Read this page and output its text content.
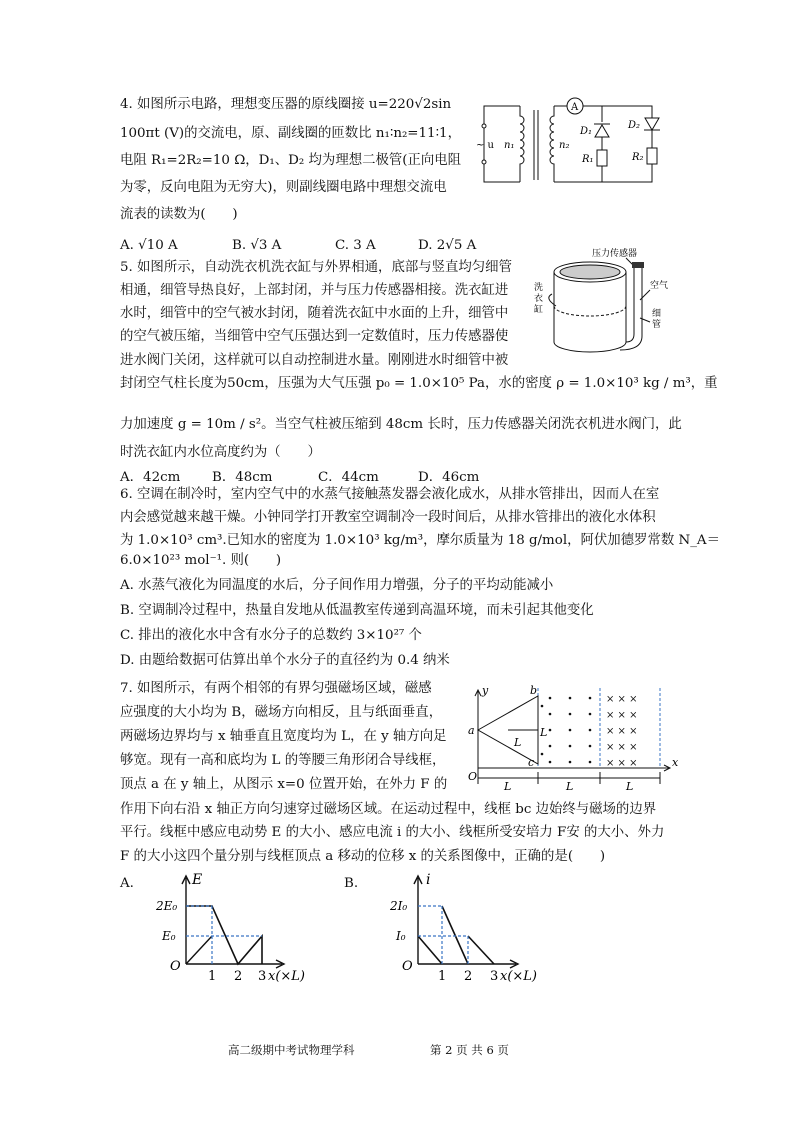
4. 如图所示电路，理想变压器的原线圈接 u=220√2sin
100πt (V)的交流电，原、副线圈的匝数比 n₁∶n₂=11∶1，
电阻 R₁=2R₂=10 Ω，D₁、D₂ 均为理想二极管(正向电阻
为零，反向电阻为无穷大)，则副线圈电路中理想交流电
流表的读数为(　　)
A. √10 A	B. √3 A	C. 3 A	D. 2√5 A
~ u n₁	n₂
A
D₁
D₂
R₁	R₂
5. 如图所示，自动洗衣机洗衣缸与外界相通，底部与竖直均匀细管
相通，细管导热良好，上部封闭，并与压力传感器相接。洗衣缸进
水时，细管中的空气被水封闭，随着洗衣缸中水面的上升，细管中
的空气被压缩，当细管中空气压强达到一定数值时，压力传感器使
进水阀门关闭，这样就可以自动控制进水量。刚刚进水时细管中被
封闭空气柱长度为50cm，压强为大气压强 p₀ = 1.0×10⁵ Pa，水的密度 ρ = 1.0×10³ kg / m³，重
力加速度 g = 10m / s²。当空气柱被压缩到 48cm 长时，压力传感器关闭洗衣机进水阀门，此
时洗衣缸内水位高度约为（　　）
A．42cm B．48cm	C．44cm	D．46cm
压力传感器
洗
衣
缸
空气
细
管
6. 空调在制冷时，室内空气中的水蒸气接触蒸发器会液化成水，从排水管排出，因而人在室
内会感觉越来越干燥。小钟同学打开教室空调制冷一段时间后，从排水管排出的液化水体积
为 1.0×10³ cm³.已知水的密度为 1.0×10³ kg/m³，摩尔质量为 18 g/mol，阿伏加德罗常数 N_A＝
6.0×10²³ mol⁻¹. 则(　　)
A. 水蒸气液化为同温度的水后，分子间作用力增强，分子的平均动能减小
B. 空调制冷过程中，热量自发地从低温教室传递到高温环境，而未引起其他变化
C. 排出的液化水中含有水分子的总数约 3×10²⁷ 个
D. 由题给数据可估算出单个水分子的直径约为 0.4 纳米
7. 如图所示，有两个相邻的有界匀强磁场区域，磁感
应强度的大小均为 B，磁场方向相反，且与纸面垂直，
两磁场边界均与 x 轴垂直且宽度均为 L，在 y 轴方向足
够宽。现有一高和底均为 L 的等腰三角形闭合导线框，
顶点 a 在 y 轴上，从图示 x=0 位置开始，在外力 F 的
作用下向右沿 x 轴正方向匀速穿过磁场区域。在运动过程中，线框 bc 边始终与磁场的边界
平行。线框中感应电动势 E 的大小、感应电流 i 的大小、线框所受安培力 F安 的大小、外力
F 的大小这四个量分别与线框顶点 a 移动的位移 x 的关系图像中，正确的是(　　)
× × ×
× × ×
× × ×
× × ×
× × ×
y
x
O
a
b
c
L
L
L	L	L
A.	E
2E₀
E₀
O
1 2 3 x(×L)
B.	i
2I₀
I₀
O
1 2 3 x(×L)
高二级期中考试物理学科	第 2 页 共 6 页
